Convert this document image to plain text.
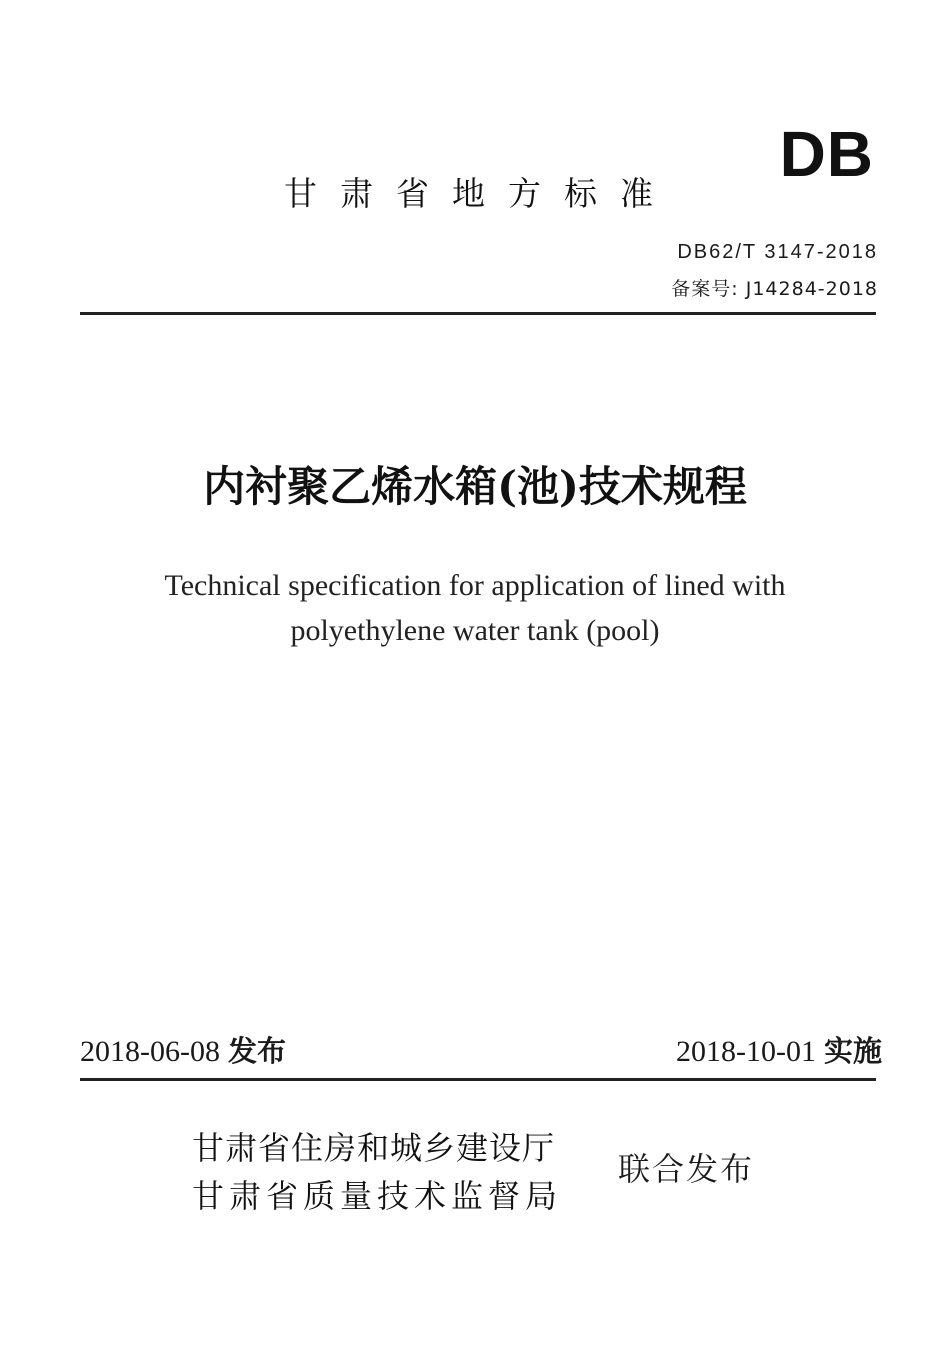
DB
甘肃省地方标准
DB62/T 3147-2018
备案号: J14284-2018
内衬聚乙烯水箱(池)技术规程
Technical specification for application of lined with
polyethylene water tank (pool)
2018-06-08 发布	2018-10-01 实施
甘肃省住房和城乡建设厅
甘肃省质量技术监督局
联合发布
